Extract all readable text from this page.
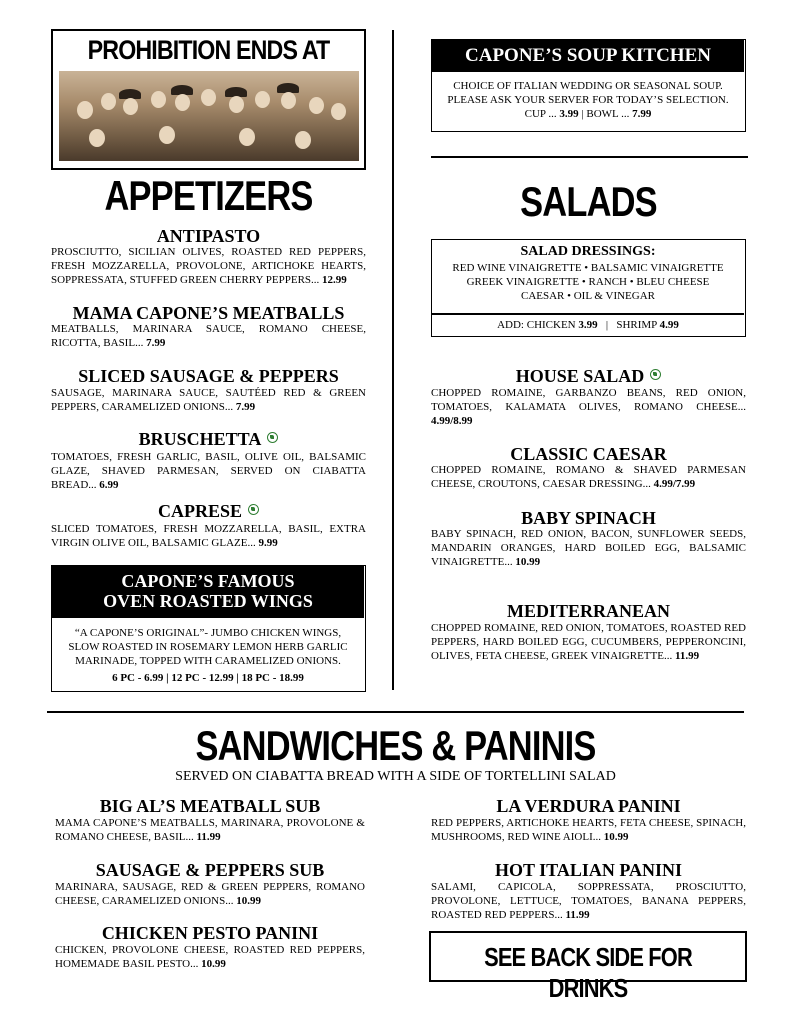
PROHIBITION ENDS AT	CAPONE’S SOUP KITCHEN
CHOICE OF ITALIAN WEDDING OR SEASONAL SOUP.
PLEASE ASK YOUR SERVER FOR TODAY’S SELECTION.
CUP ... 3.99 | BOWL ... 7.99
APPETIZERS
ANTIPASTO
PROSCIUTTO, SICILIAN OLIVES, ROASTED RED PEPPERS, FRESH MOZZARELLA, PROVOLONE, ARTICHOKE HEARTS, SOPPRESSATA, STUFFED GREEN CHERRY PEPPERS... 12.99
MAMA CAPONE’S MEATBALLS
MEATBALLS, MARINARA SAUCE, ROMANO CHEESE, RICOTTA, BASIL... 7.99
SLICED SAUSAGE & PEPPERS
SAUSAGE, MARINARA SAUCE, SAUTÉED RED & GREEN PEPPERS, CARAMELIZED ONIONS... 7.99
BRUSCHETTA
TOMATOES, FRESH GARLIC, BASIL, OLIVE OIL, BALSAMIC GLAZE, SHAVED PARMESAN, SERVED ON CIABATTA BREAD... 6.99
CAPRESE
SLICED TOMATOES, FRESH MOZZARELLA, BASIL, EXTRA VIRGIN OLIVE OIL, BALSAMIC GLAZE... 9.99
CAPONE’S FAMOUS
OVEN ROASTED WINGS
“A CAPONE’S ORIGINAL”- JUMBO CHICKEN WINGS, SLOW ROASTED IN ROSEMARY LEMON HERB GARLIC MARINADE, TOPPED WITH CARAMELIZED ONIONS.
6 PC - 6.99 | 12 PC - 12.99 | 18 PC - 18.99
SALADS
SALAD DRESSINGS:
RED WINE VINAIGRETTE • BALSAMIC VINAIGRETTE
GREEK VINAIGRETTE • RANCH • BLEU CHEESE
CAESAR • OIL & VINEGAR
ADD: CHICKEN 3.99   |   SHRIMP 4.99
HOUSE SALAD
CHOPPED ROMAINE, GARBANZO BEANS, RED ONION, TOMATOES, KALAMATA OLIVES, ROMANO CHEESE... 4.99/8.99
CLASSIC CAESAR
CHOPPED ROMAINE, ROMANO & SHAVED PARMESAN CHEESE, CROUTONS, CAESAR DRESSING... 4.99/7.99
BABY SPINACH
BABY SPINACH, RED ONION, BACON, SUNFLOWER SEEDS, MANDARIN ORANGES, HARD BOILED EGG, BALSAMIC VINAIGRETTE... 10.99
MEDITERRANEAN
CHOPPED ROMAINE, RED ONION, TOMATOES, ROASTED RED PEPPERS, HARD BOILED EGG, CUCUMBERS, PEPPERONCINI, OLIVES, FETA CHEESE, GREEK VINAIGRETTE... 11.99
SANDWICHES & PANINIS
SERVED ON CIABATTA BREAD WITH A SIDE OF TORTELLINI SALAD
BIG AL’S MEATBALL SUB
MAMA CAPONE’S MEATBALLS, MARINARA, PROVOLONE & ROMANO CHEESE, BASIL... 11.99
SAUSAGE & PEPPERS SUB
MARINARA, SAUSAGE, RED & GREEN PEPPERS, ROMANO CHEESE, CARAMELIZED ONIONS... 10.99
CHICKEN PESTO PANINI
CHICKEN, PROVOLONE CHEESE, ROASTED RED PEPPERS, HOMEMADE BASIL PESTO... 10.99
LA VERDURA PANINI
RED PEPPERS, ARTICHOKE HEARTS, FETA CHEESE, SPINACH, MUSHROOMS, RED WINE AIOLI... 10.99
HOT ITALIAN PANINI
SALAMI, CAPICOLA, SOPPRESSATA, PROSCIUTTO, PROVOLONE, LETTUCE, TOMATOES, BANANA PEPPERS, ROASTED RED PEPPERS... 11.99
SEE BACK SIDE FOR DRINKS
